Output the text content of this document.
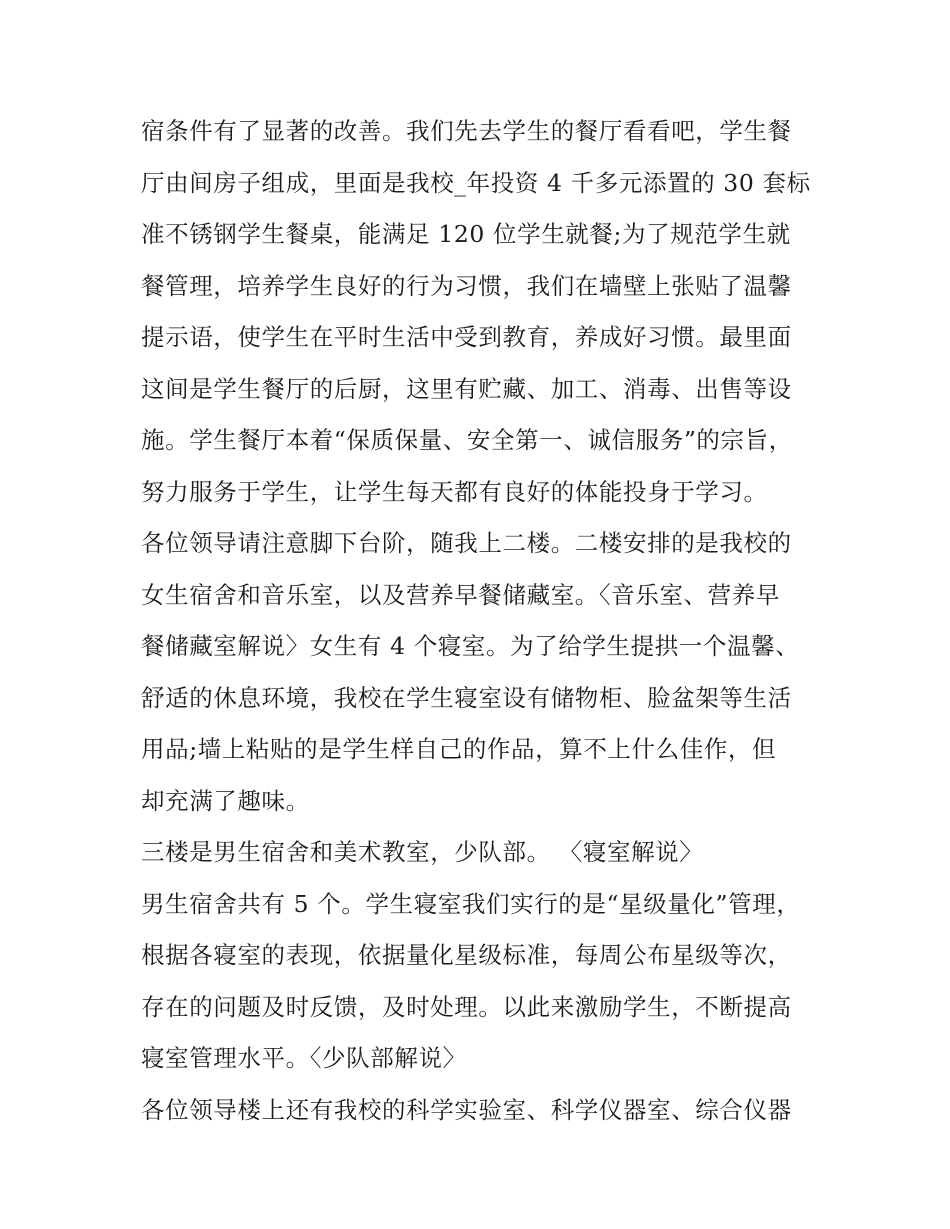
宿条件有了显著的改善。我们先去学生的餐厅看看吧，学生餐
厅由间房子组成，里面是我校_年投资 4 千多元添置的 30 套标
准不锈钢学生餐桌，能满足 120 位学生就餐;为了规范学生就
餐管理，培养学生良好的行为习惯，我们在墙壁上张贴了温馨
提示语，使学生在平时生活中受到教育，养成好习惯。最里面
这间是学生餐厅的后厨，这里有贮藏、加工、消毒、出售等设
施。学生餐厅本着“保质保量、安全第一、诚信服务”的宗旨，
努力服务于学生，让学生每天都有良好的体能投身于学习。
各位领导请注意脚下台阶，随我上二楼。二楼安排的是我校的
女生宿舍和音乐室，以及营养早餐储藏室。〈音乐室、营养早
餐储藏室解说〉女生有 4 个寝室。为了给学生提拱一个温馨、
舒适的休息环境，我校在学生寝室设有储物柜、脸盆架等生活
用品;墙上粘贴的是学生样自己的作品，算不上什么佳作，但
却充满了趣味。
三楼是男生宿舍和美术教室，少队部。 〈寝室解说〉
男生宿舍共有 5 个。学生寝室我们实行的是“星级量化”管理，
根据各寝室的表现，依据量化星级标准，每周公布星级等次，
存在的问题及时反馈，及时处理。以此来激励学生，不断提高
寝室管理水平。〈少队部解说〉
各位领导楼上还有我校的科学实验室、科学仪器室、综合仪器
